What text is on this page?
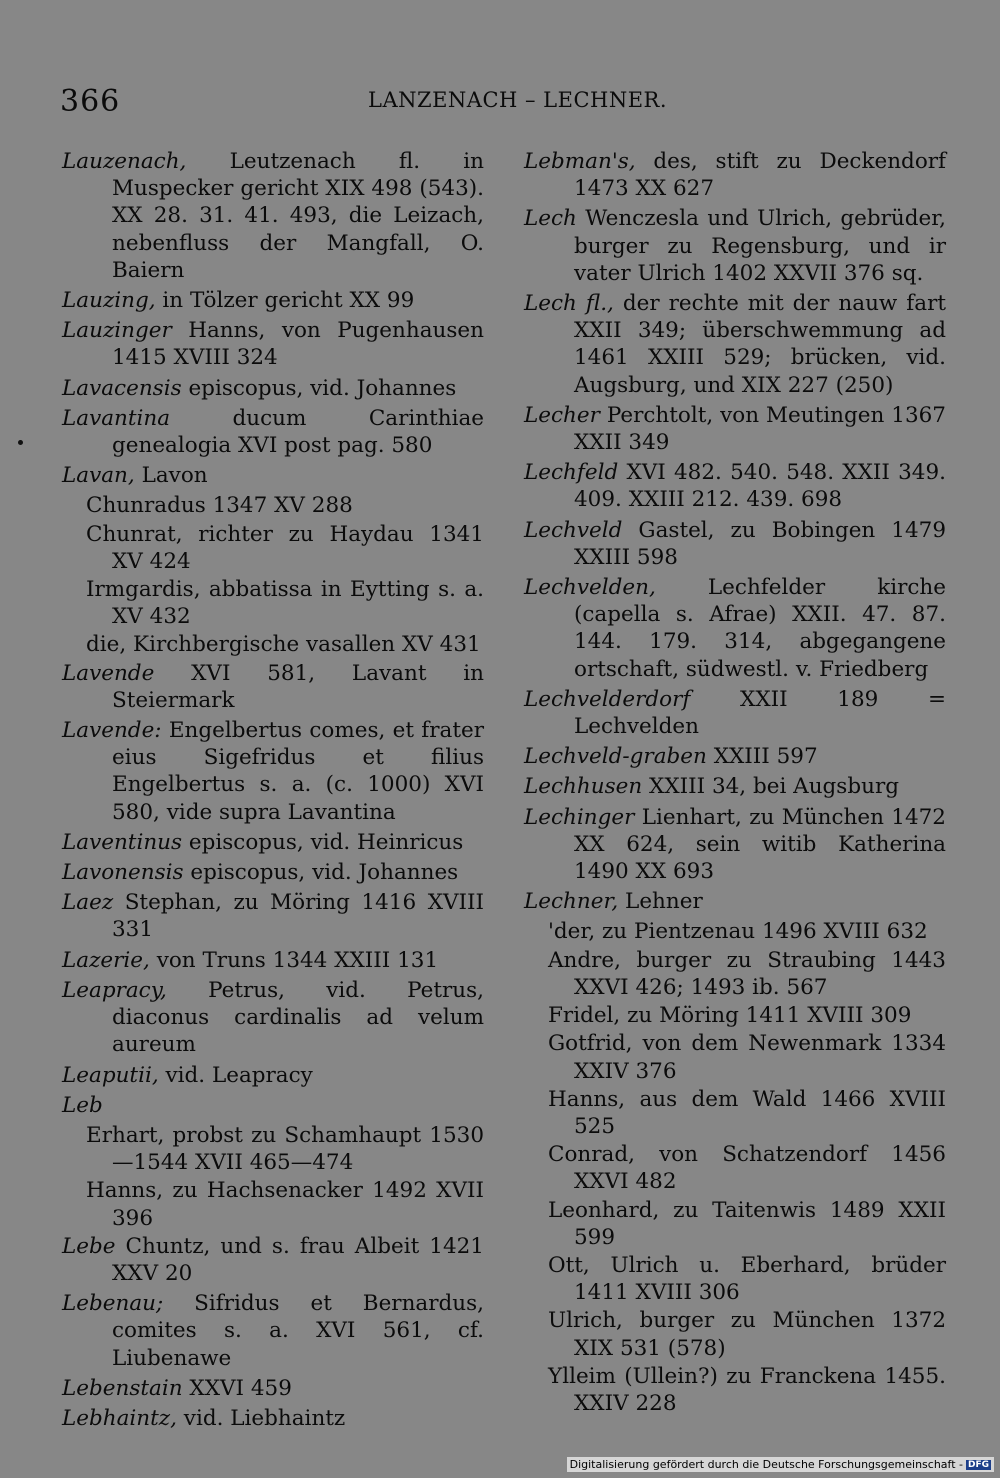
366	LANZENACH – LECHNER.
Lauzenach, Leutzenach fl. in Muspecker gericht XIX 498 (543). XX 28. 31. 41. 493, die Leizach, nebenfluss der Mangfall, O. Baiern
Lauzing, in Tölzer gericht XX 99
Lauzinger Hanns, von Pugenhausen 1415 XVIII 324
Lavacensis episcopus, vid. Johannes
Lavantina ducum Carinthiae genealogia XVI post pag. 580
Lavan, Lavon
Chunradus 1347 XV 288
Chunrat, richter zu Haydau 1341 XV 424
Irmgardis, abbatissa in Eytting s. a. XV 432
die, Kirchbergische vasallen XV 431
Lavende XVI 581, Lavant in Steiermark
Lavende: Engelbertus comes, et frater eius Sigefridus et filius Engelbertus s. a. (c. 1000) XVI 580, vide supra Lavantina
Laventinus episcopus, vid. Heinricus
Lavonensis episcopus, vid. Johannes
Laez Stephan, zu Möring 1416 XVIII 331
Lazerie, von Truns 1344 XXIII 131
Leapracy, Petrus, vid. Petrus, diaconus cardinalis ad velum aureum
Leaputii, vid. Leapracy
Leb
Erhart, probst zu Schamhaupt 1530—1544 XVII 465—474
Hanns, zu Hachsenacker 1492 XVII 396
Lebe Chuntz, und s. frau Albeit 1421 XXV 20
Lebenau; Sifridus et Bernardus, comites s. a. XVI 561, cf. Liubenawe
Lebenstain XXVI 459
Lebhaintz, vid. Liebhaintz
Lebman's, des, stift zu Deckendorf 1473 XX 627
Lech Wenczesla und Ulrich, gebrüder, burger zu Regensburg, und ir vater Ulrich 1402 XXVII 376 sq.
Lech fl., der rechte mit der nauw fart XXII 349; überschwemmung ad 1461 XXIII 529; brücken, vid. Augsburg, und XIX 227 (250)
Lecher Perchtolt, von Meutingen 1367 XXII 349
Lechfeld XVI 482. 540. 548. XXII 349. 409. XXIII 212. 439. 698
Lechveld Gastel, zu Bobingen 1479 XXIII 598
Lechvelden, Lechfelder kirche (capella s. Afrae) XXII. 47. 87. 144. 179. 314, abgegangene ortschaft, südwestl. v. Friedberg
Lechvelderdorf XXII 189 = Lechvelden
Lechveld-graben XXIII 597
Lechhusen XXIII 34, bei Augsburg
Lechinger Lienhart, zu München 1472 XX 624, sein witib Katherina 1490 XX 693
Lechner, Lehner
'der, zu Pientzenau 1496 XVIII 632
Andre, burger zu Straubing 1443 XXVI 426; 1493 ib. 567
Fridel, zu Möring 1411 XVIII 309
Gotfrid, von dem Newenmark 1334 XXIV 376
Hanns, aus dem Wald 1466 XVIII 525
Conrad, von Schatzendorf 1456 XXVI 482
Leonhard, zu Taitenwis 1489 XXII 599
Ott, Ulrich u. Eberhard, brüder 1411 XVIII 306
Ulrich, burger zu München 1372 XIX 531 (578)
Ylleim (Ullein?) zu Franckena 1455. XXIV 228
Digitalisierung gefördert durch die Deutsche Forschungsgemeinschaft - DFG
